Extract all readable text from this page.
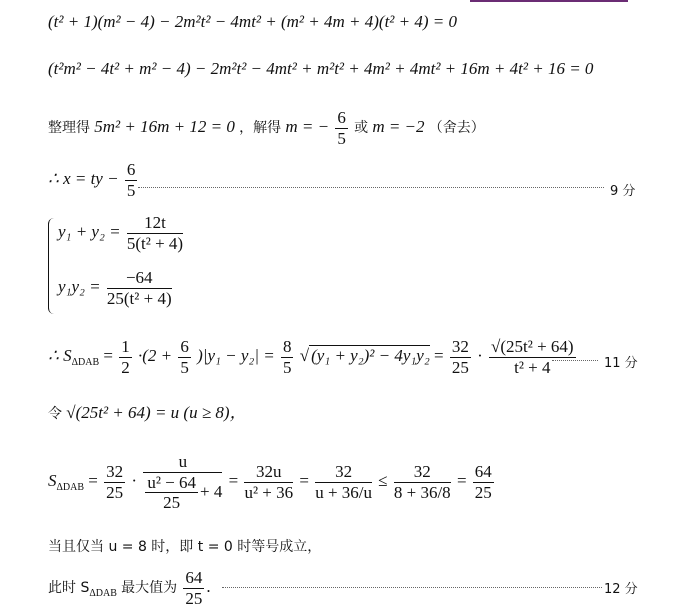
(t² + 1)(m² − 4) − 2m²t² − 4mt² + (m² + 4m + 4)(t² + 4) = 0
(t²m² − 4t² + m² − 4) − 2m²t² − 4mt² + m²t² + 4m² + 4mt² + 16m + 4t² + 16 = 0
整理得 5m² + 16m + 12 = 0 ，解得 m = − $\frac{6}{5}$ 或 m = −2 （舍去）
∴ x = ty − $\frac{6}{5}$	9 分
$y_1 + y_2 = \frac{12t}{\text{5(t² + 4)}}$
$y_1y_2 = \frac{-64}{\text{25(t² + 4)}}$
∴ $S_{\Delta DAB} = \frac{1}{2} \cdot(2 + \frac{6}{5} )|y_1 - y_2| = \frac{8}{5}$ √ $(y_1 + y_2)^2 - 4y_1y_2 = \frac{32}{25} \cdot \frac{\text{√(25t² + 64)}}{\text{t² + 4}} 11$ 分
令 √(25t² + 64) = u (u ≥ 8)，
$S_{\Delta DAB} = \frac{32}{25} \cdot \frac{u}{\frac{\text{u² − 64}}{25} + 4} = \frac{32u}{\text{u² + 36}} = \frac{32}{u + 36/u} \le \frac{32}{8 + 36/8} = \frac{64}{25}$
当且仅当 u = 8 时，即 t = 0 时等号成立，
此时 $S_{\Delta DAB}$ 最大值为 $\frac{64}{25}$ .	12 分
